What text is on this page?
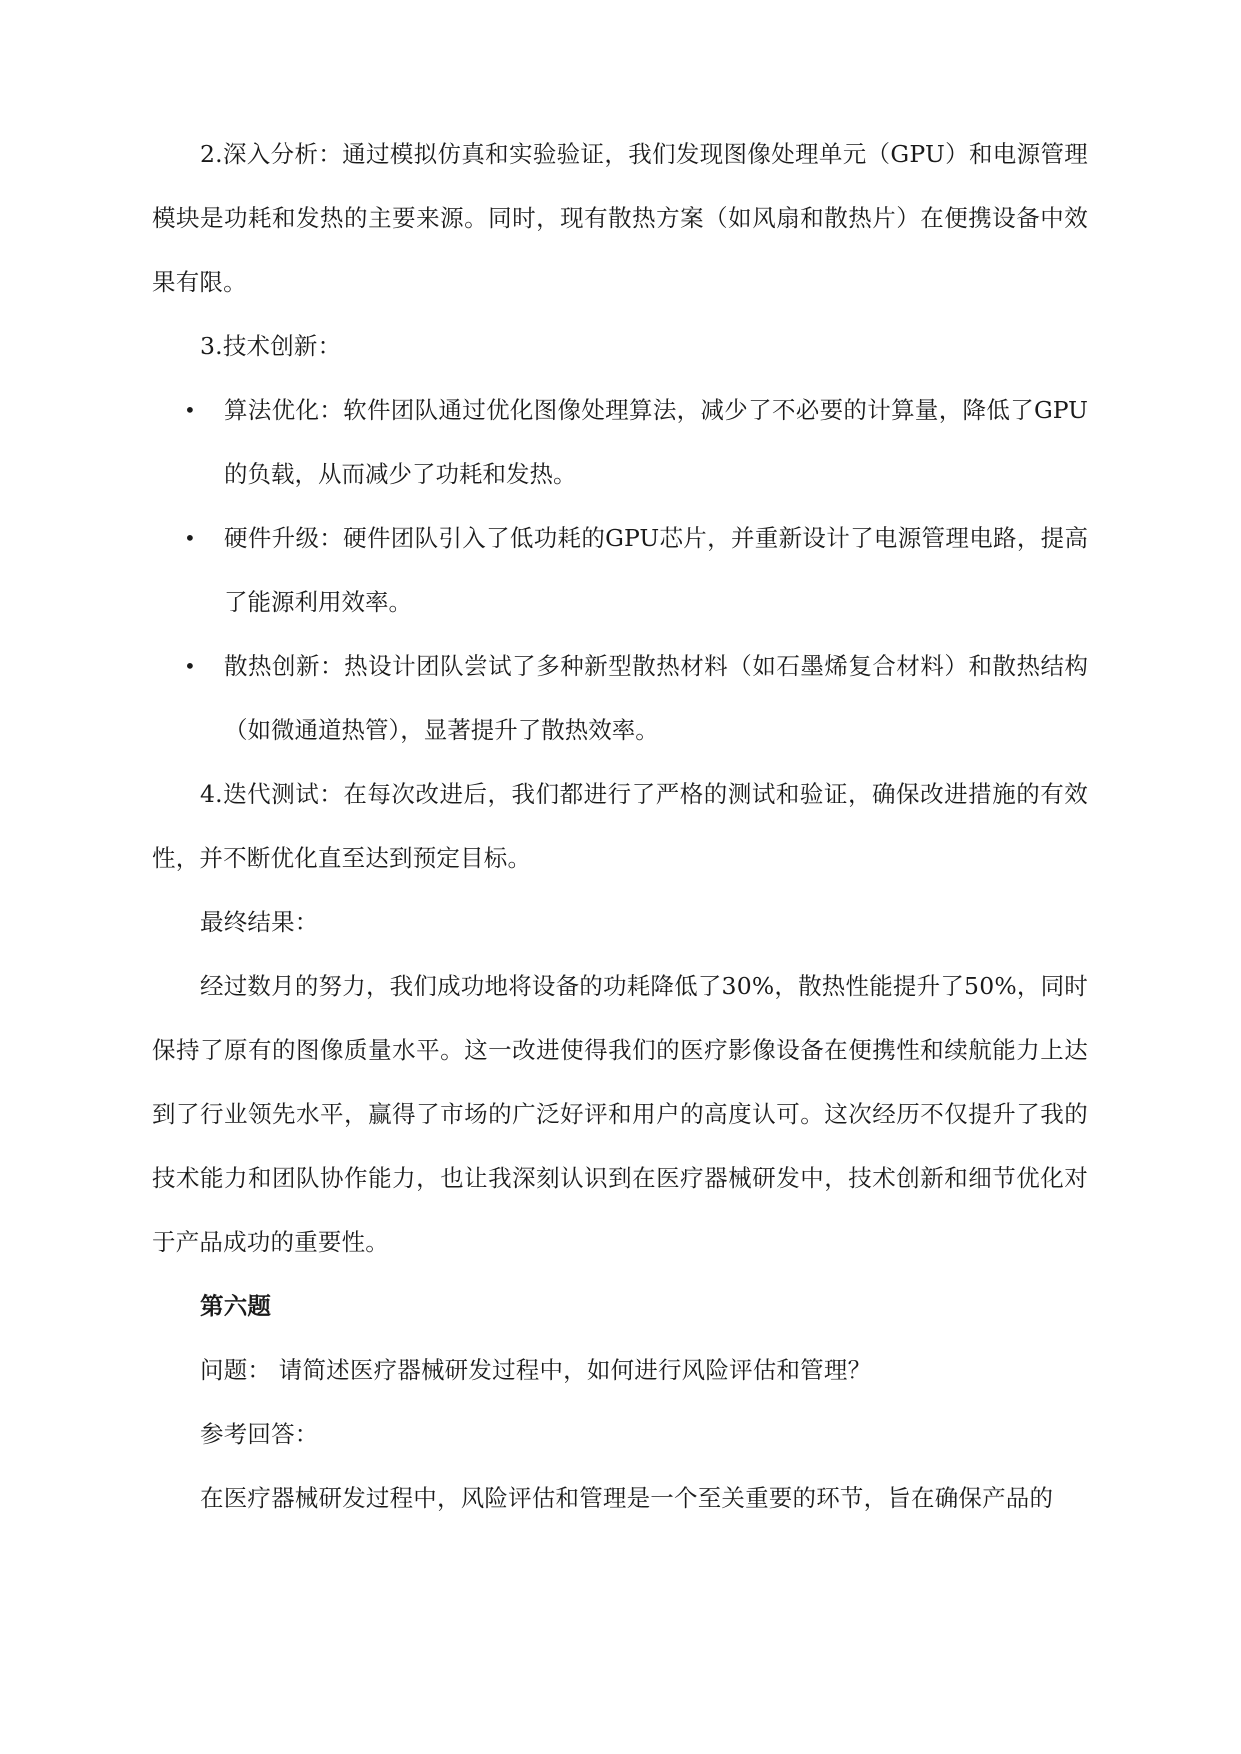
2.深入分析：通过模拟仿真和实验验证，我们发现图像处理单元（GPU）和电源管理模块是功耗和发热的主要来源。同时，现有散热方案（如风扇和散热片）在便携设备中效果有限。

3.技术创新：

•	算法优化：软件团队通过优化图像处理算法，减少了不必要的计算量，降低了GPU的负载，从而减少了功耗和发热。
•	硬件升级：硬件团队引入了低功耗的GPU芯片，并重新设计了电源管理电路，提高了能源利用效率。
•	散热创新：热设计团队尝试了多种新型散热材料（如石墨烯复合材料）和散热结构（如微通道热管），显著提升了散热效率。

4.迭代测试：在每次改进后，我们都进行了严格的测试和验证，确保改进措施的有效性，并不断优化直至达到预定目标。

最终结果：

经过数月的努力，我们成功地将设备的功耗降低了30%，散热性能提升了50%，同时保持了原有的图像质量水平。这一改进使得我们的医疗影像设备在便携性和续航能力上达到了行业领先水平，赢得了市场的广泛好评和用户的高度认可。这次经历不仅提升了我的技术能力和团队协作能力，也让我深刻认识到在医疗器械研发中，技术创新和细节优化对于产品成功的重要性。

第六题

问题： 请简述医疗器械研发过程中，如何进行风险评估和管理？

参考回答：

在医疗器械研发过程中，风险评估和管理是一个至关重要的环节，旨在确保产品的
